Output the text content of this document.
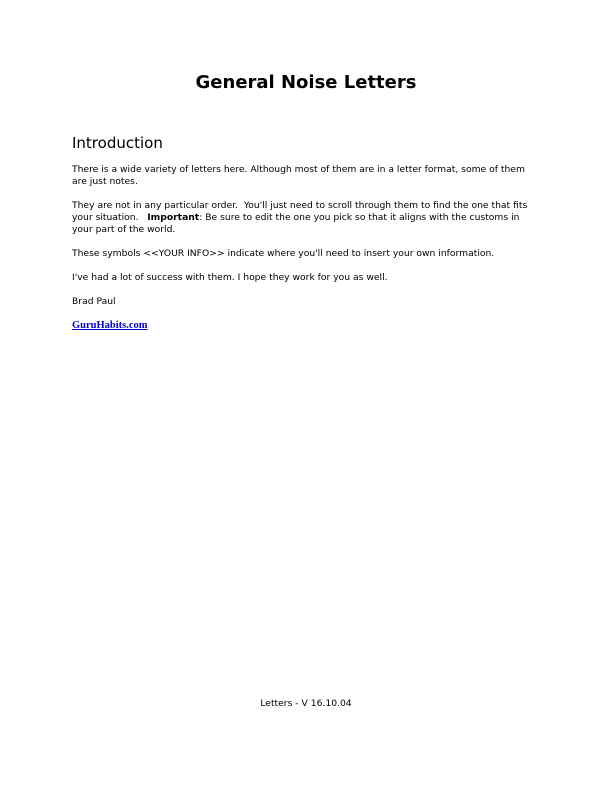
General Noise Letters
Introduction

There is a wide variety of letters here. Although most of them are in a letter format, some of them are just notes.

They are not in any particular order.  You'll just need to scroll through them to find the one that fits your situation.   Important: Be sure to edit the one you pick so that it aligns with the customs in your part of the world.

These symbols <<YOUR INFO>> indicate where you'll need to insert your own information.

I've had a lot of success with them. I hope they work for you as well.

Brad Paul

GuruHabits.com

Letters - V 16.10.04
